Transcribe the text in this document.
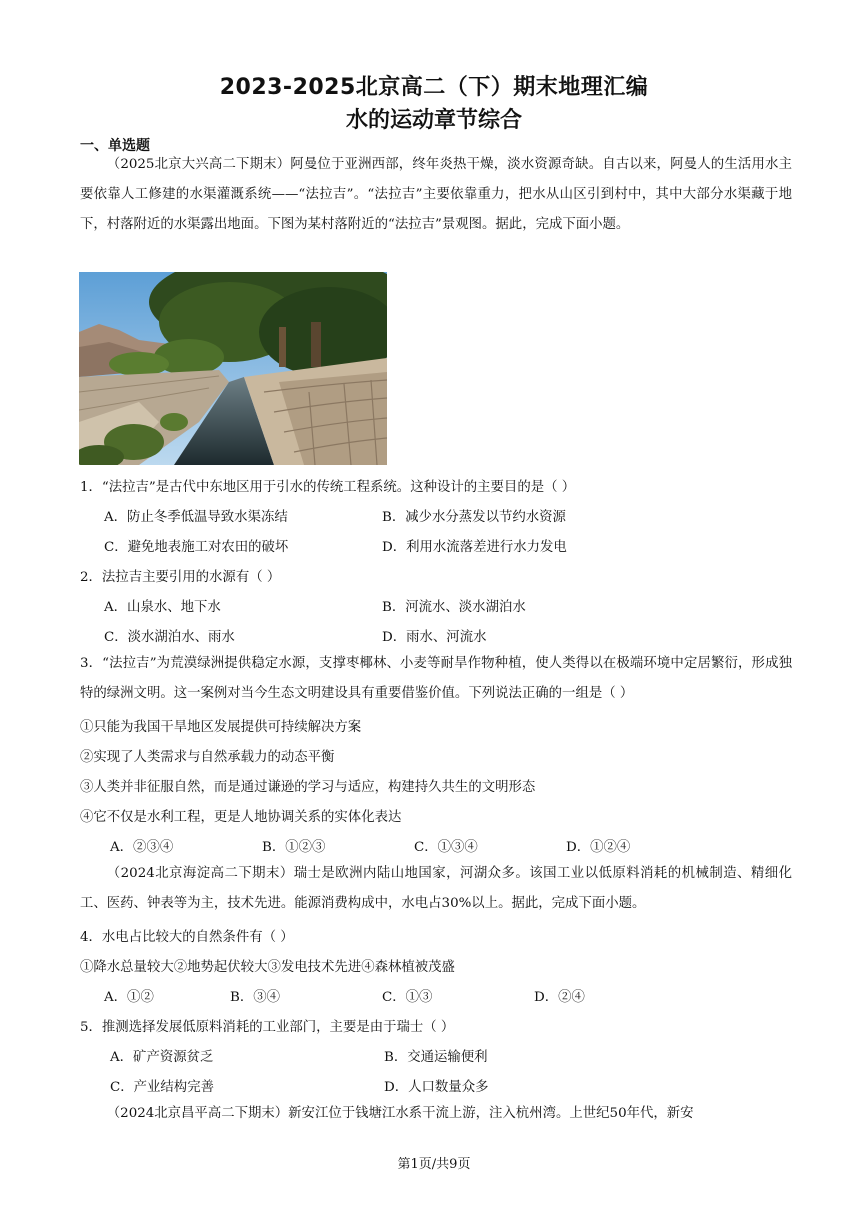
2023-2025北京高二（下）期末地理汇编
水的运动章节综合
一、单选题
（2025北京大兴高二下期末）阿曼位于亚洲西部，终年炎热干燥，淡水资源奇缺。自古以来，阿曼人的生活用水主要依靠人工修建的水渠灌溉系统——“法拉吉”。“法拉吉”主要依靠重力，把水从山区引到村中，其中大部分水渠藏于地下，村落附近的水渠露出地面。下图为某村落附近的“法拉吉”景观图。据此，完成下面小题。
1．“法拉吉”是古代中东地区用于引水的传统工程系统。这种设计的主要目的是（ ）
A．防止冬季低温导致水渠冻结	B．减少水分蒸发以节约水资源
C．避免地表施工对农田的破坏	D．利用水流落差进行水力发电
2．法拉吉主要引用的水源有（ ）
A．山泉水、地下水	B．河流水、淡水湖泊水
C．淡水湖泊水、雨水	D．雨水、河流水
3．“法拉吉”为荒漠绿洲提供稳定水源，支撑枣椰林、小麦等耐旱作物种植，使人类得以在极端环境中定居繁衍，形成独特的绿洲文明。这一案例对当今生态文明建设具有重要借鉴价值。下列说法正确的一组是（ ）
①只能为我国干旱地区发展提供可持续解决方案
②实现了人类需求与自然承载力的动态平衡
③人类并非征服自然，而是通过谦逊的学习与适应，构建持久共生的文明形态
④它不仅是水利工程，更是人地协调关系的实体化表达
A．②③④	B．①②③	C．①③④	D．①②④
（2024北京海淀高二下期末）瑞士是欧洲内陆山地国家，河湖众多。该国工业以低原料消耗的机械制造、精细化工、医药、钟表等为主，技术先进。能源消费构成中，水电占30%以上。据此，完成下面小题。
4．水电占比较大的自然条件有（ ）
①降水总量较大②地势起伏较大③发电技术先进④森林植被茂盛
A．①②	B．③④	C．①③	D．②④
5．推测选择发展低原料消耗的工业部门，主要是由于瑞士（ ）
A．矿产资源贫乏	B．交通运输便利
C．产业结构完善	D．人口数量众多
（2024北京昌平高二下期末）新安江位于钱塘江水系干流上游，注入杭州湾。上世纪50年代，新安
第1页/共9页
